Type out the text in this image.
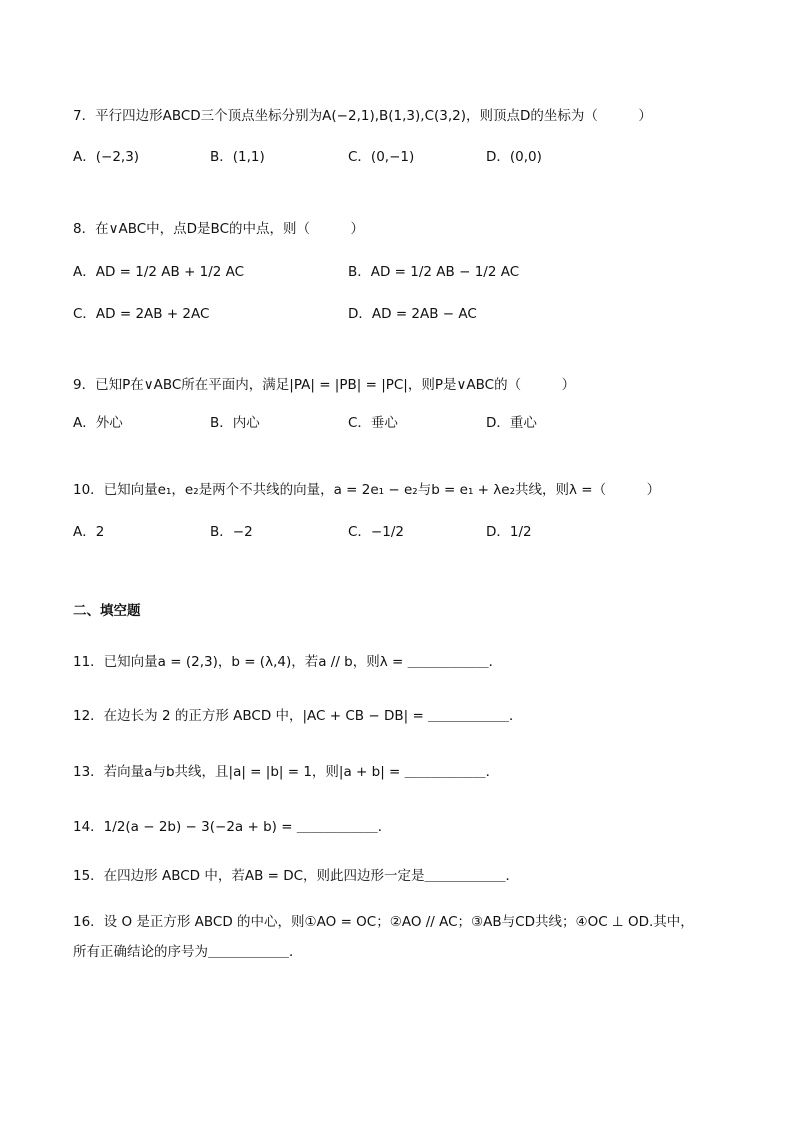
7．平行四边形ABCD三个顶点坐标分别为A(−2,1),B(1,3),C(3,2)，则顶点D的坐标为（　　　）
A．(−2,3)	B．(1,1)	C．(0,−1)	D．(0,0)
8．在∨ABC中，点D是BC的中点，则（　　　）
A．AD = 1/2 AB + 1/2 AC	B．AD = 1/2 AB − 1/2 AC
C．AD = 2AB + 2AC	D．AD = 2AB − AC
9．已知P在∨ABC所在平面内，满足|PA| = |PB| = |PC|，则P是∨ABC的（　　　）
A．外心	B．内心	C．垂心	D．重心
10．已知向量e₁，e₂是两个不共线的向量，a = 2e₁ − e₂与b = e₁ + λe₂共线，则λ =（　　　）
A．2	B．−2	C．−1/2	D．1/2
二、填空题
11．已知向量a = (2,3)，b = (λ,4)，若a // b，则λ = ＿＿＿＿＿＿．
12．在边长为 2 的正方形 ABCD 中，|AC + CB − DB| = ＿＿＿＿＿＿．
13．若向量a与b共线，且|a| = |b| = 1，则|a + b| = ＿＿＿＿＿＿．
14．1/2(a − 2b) − 3(−2a + b) = ＿＿＿＿＿＿．
15．在四边形 ABCD 中，若AB = DC，则此四边形一定是＿＿＿＿＿＿．
16．设 O 是正方形 ABCD 的中心，则①AO = OC；②AO // AC；③AB与CD共线；④OC ⊥ OD.其中，
所有正确结论的序号为＿＿＿＿＿＿．
